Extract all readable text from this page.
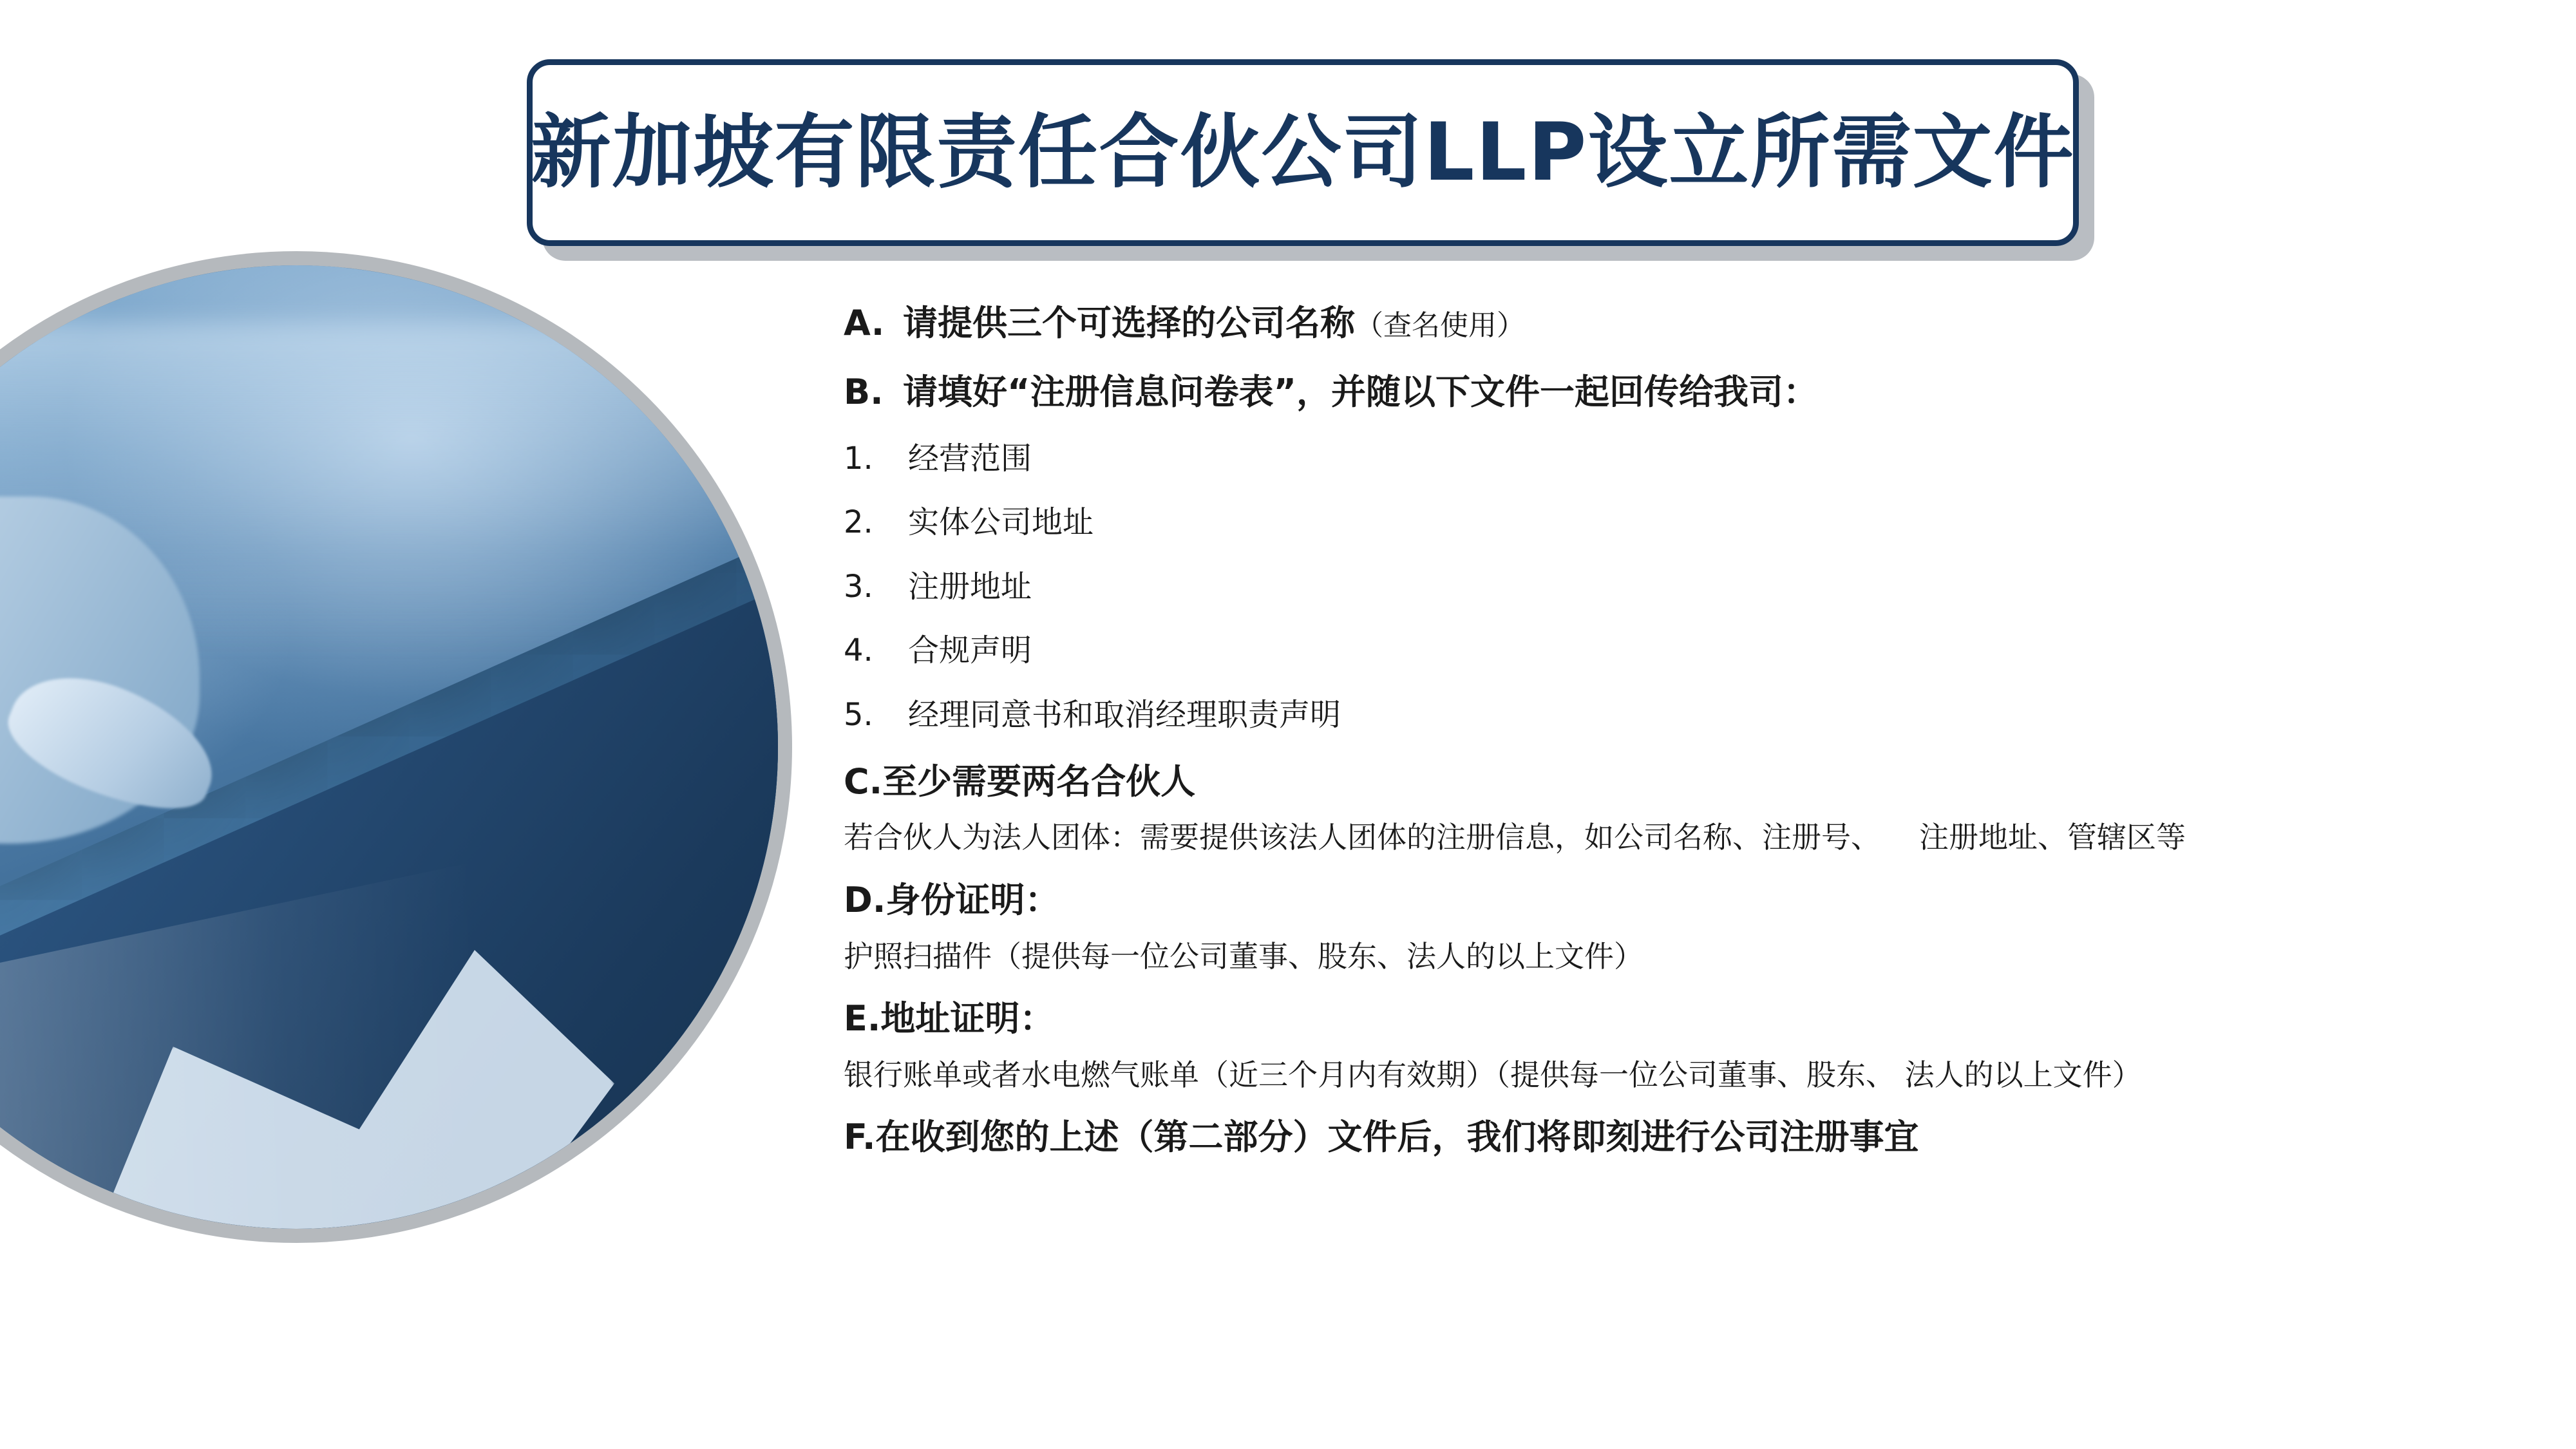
新加坡有限责任合伙公司LLP设立所需文件
A. 请提供三个可选择的公司名称（查名使用）
B. 请填好“注册信息问卷表”，并随以下文件一起回传给我司：
1. 经营范围
2. 实体公司地址
3. 注册地址
4. 合规声明
5. 经理同意书和取消经理职责声明
C.至少需要两名合伙人
若合伙人为法人团体：需要提供该法人团体的注册信息，如公司名称、注册号、 注册地址、管辖区等
D.身份证明：
护照扫描件（提供每一位公司董事、股东、法人的以上文件）
E.地址证明：
银行账单或者水电燃气账单（近三个月内有效期）（提供每一位公司董事、股东、 法人的以上文件）
F.在收到您的上述（第二部分）文件后，我们将即刻进行公司注册事宜
